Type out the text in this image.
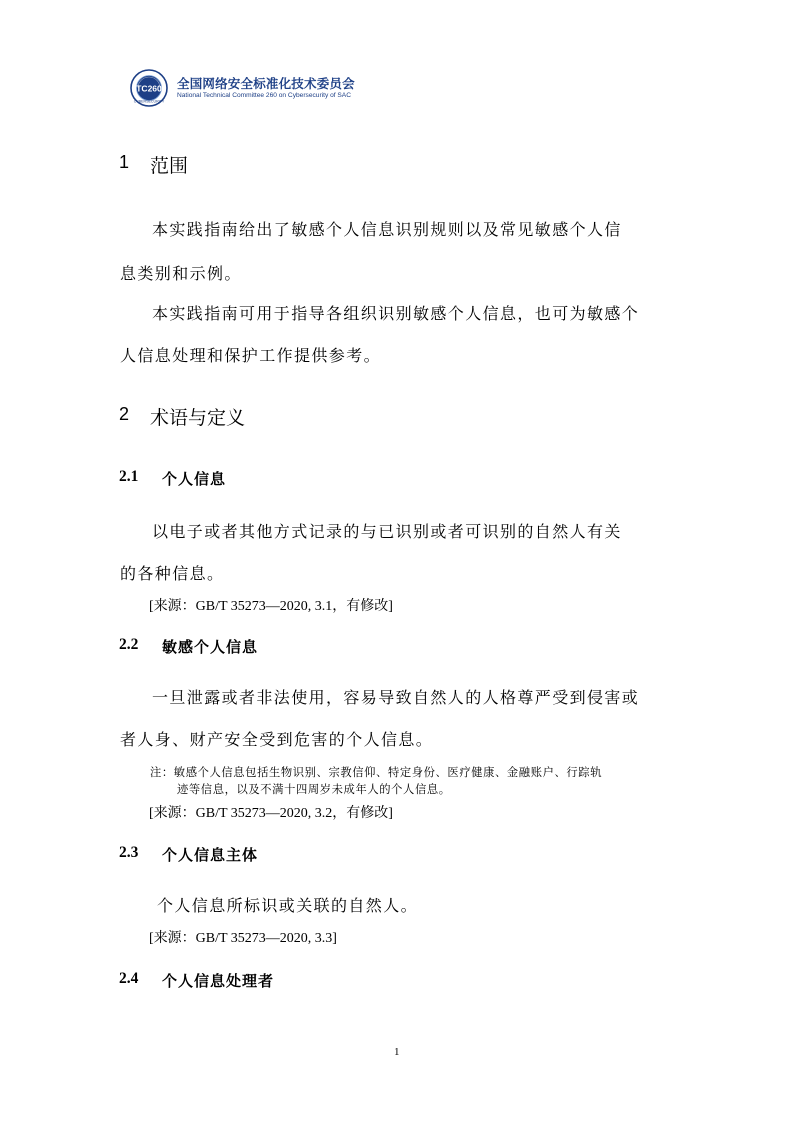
TC260
CYBERSECURITY
全国网络安全标准化技术委员会
National Technical Committee 260 on Cybersecurity of SAC
1 范围
本实践指南给出了敏感个人信息识别规则以及常见敏感个人信
息类别和示例。
本实践指南可用于指导各组织识别敏感个人信息，也可为敏感个
人信息处理和保护工作提供参考。
2 术语与定义
2.1 个人信息
以电子或者其他方式记录的与已识别或者可识别的自然人有关
的各种信息。
[来源：GB/T 35273—2020, 3.1，有修改]
2.2 敏感个人信息
一旦泄露或者非法使用，容易导致自然人的人格尊严受到侵害或
者人身、财产安全受到危害的个人信息。
注：敏感个人信息包括生物识别、宗教信仰、特定身份、医疗健康、金融账户、行踪轨
迹等信息，以及不满十四周岁未成年人的个人信息。
[来源：GB/T 35273—2020, 3.2，有修改]
2.3 个人信息主体
个人信息所标识或关联的自然人。
[来源：GB/T 35273—2020, 3.3]
2.4 个人信息处理者
1
